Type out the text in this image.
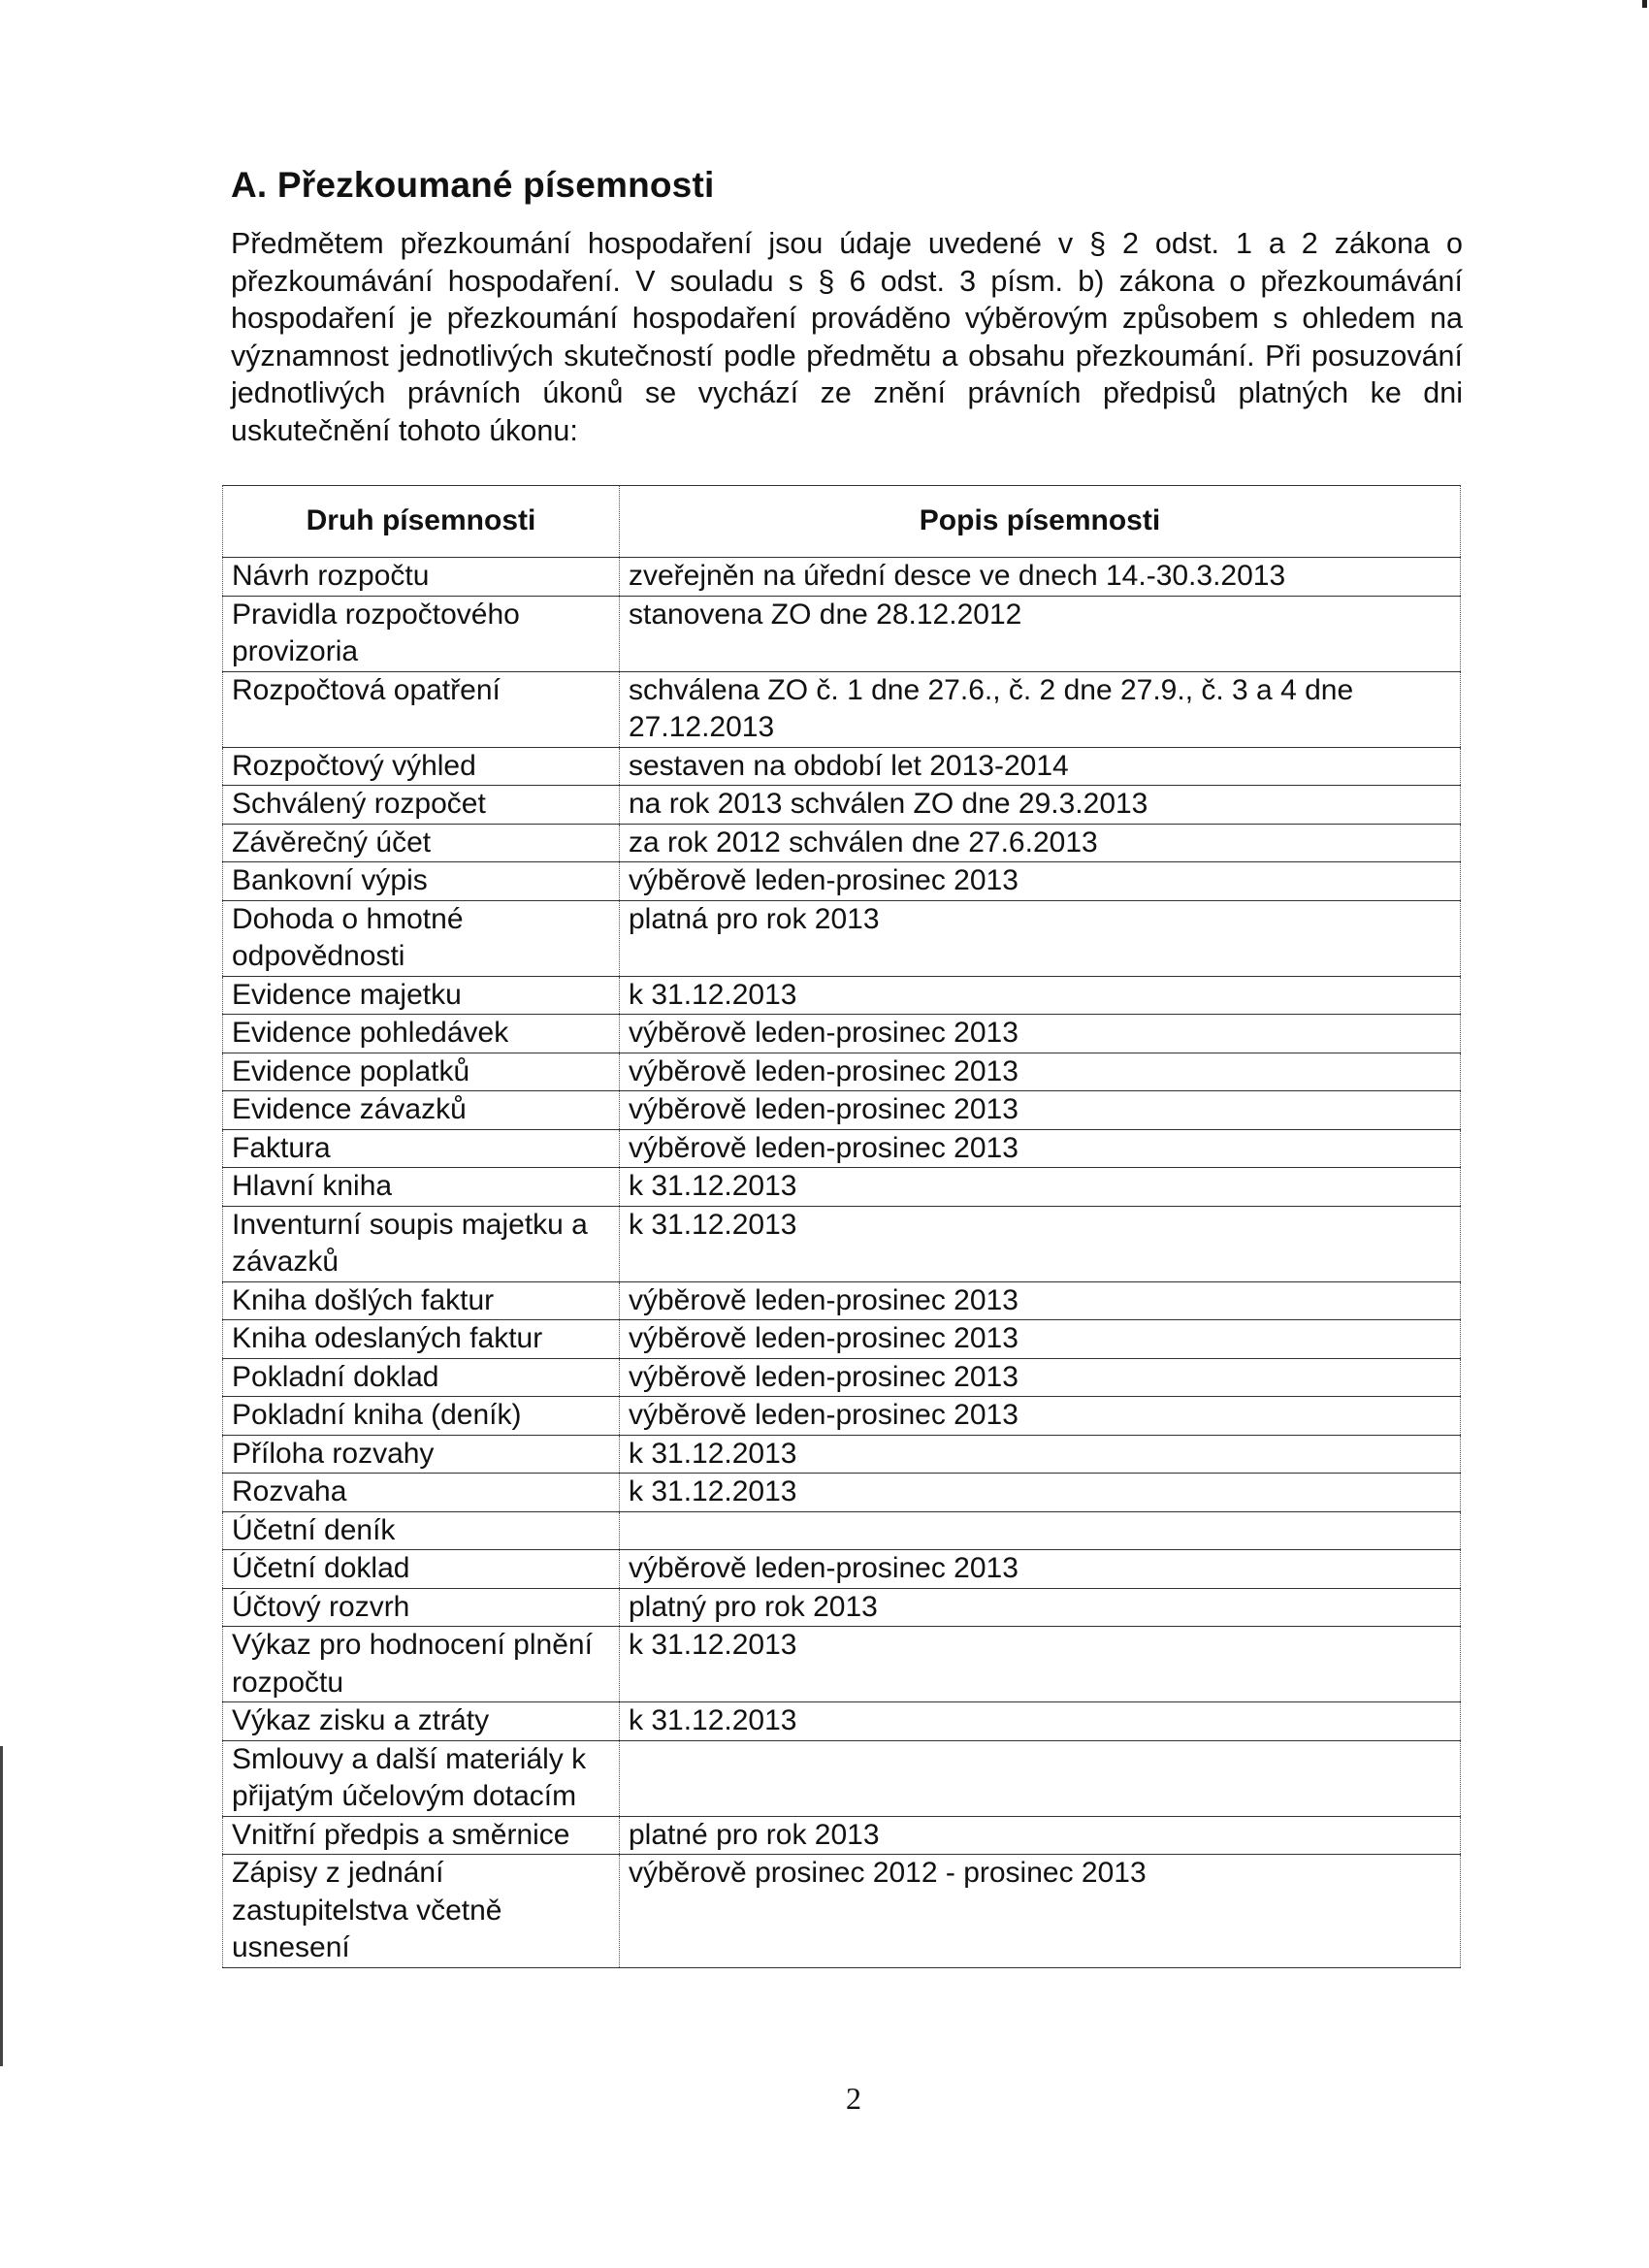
A. Přezkoumané písemnosti

Předmětem přezkoumání hospodaření jsou údaje uvedené v § 2 odst. 1 a 2 zákona o přezkoumávání hospodaření. V souladu s § 6 odst. 3 písm. b) zákona o přezkoumávání hospodaření je přezkoumání hospodaření prováděno výběrovým způsobem s ohledem na významnost jednotlivých skutečností podle předmětu a obsahu přezkoumání. Při posuzování jednotlivých právních úkonů se vychází ze znění právních předpisů platných ke dni uskutečnění tohoto úkonu:

Druh písemnosti	Popis písemnosti
Návrh rozpočtu	zveřejněn na úřední desce ve dnech 14.-30.3.2013
Pravidla rozpočtového provizoria	stanovena ZO dne 28.12.2012
Rozpočtová opatření	schválena ZO č. 1 dne 27.6., č. 2 dne 27.9., č. 3 a 4 dne 27.12.2013
Rozpočtový výhled	sestaven na období let 2013-2014
Schválený rozpočet	na rok 2013 schválen ZO dne 29.3.2013
Závěrečný účet	za rok 2012 schválen dne 27.6.2013
Bankovní výpis	výběrově leden-prosinec 2013
Dohoda o hmotné odpovědnosti	platná pro rok 2013
Evidence majetku	k 31.12.2013
Evidence pohledávek	výběrově leden-prosinec 2013
Evidence poplatků	výběrově leden-prosinec 2013
Evidence závazků	výběrově leden-prosinec 2013
Faktura	výběrově leden-prosinec 2013
Hlavní kniha	k 31.12.2013
Inventurní soupis majetku a závazků	k 31.12.2013
Kniha došlých faktur	výběrově leden-prosinec 2013
Kniha odeslaných faktur	výběrově leden-prosinec 2013
Pokladní doklad	výběrově leden-prosinec 2013
Pokladní kniha (deník)	výběrově leden-prosinec 2013
Příloha rozvahy	k 31.12.2013
Rozvaha	k 31.12.2013
Účetní deník	
Účetní doklad	výběrově leden-prosinec 2013
Účtový rozvrh	platný pro rok 2013
Výkaz pro hodnocení plnění rozpočtu	k 31.12.2013
Výkaz zisku a ztráty	k 31.12.2013
Smlouvy a další materiály k přijatým účelovým dotacím	
Vnitřní předpis a směrnice	platné pro rok 2013
Zápisy z jednání zastupitelstva včetně usnesení	výběrově prosinec 2012 - prosinec 2013
2
